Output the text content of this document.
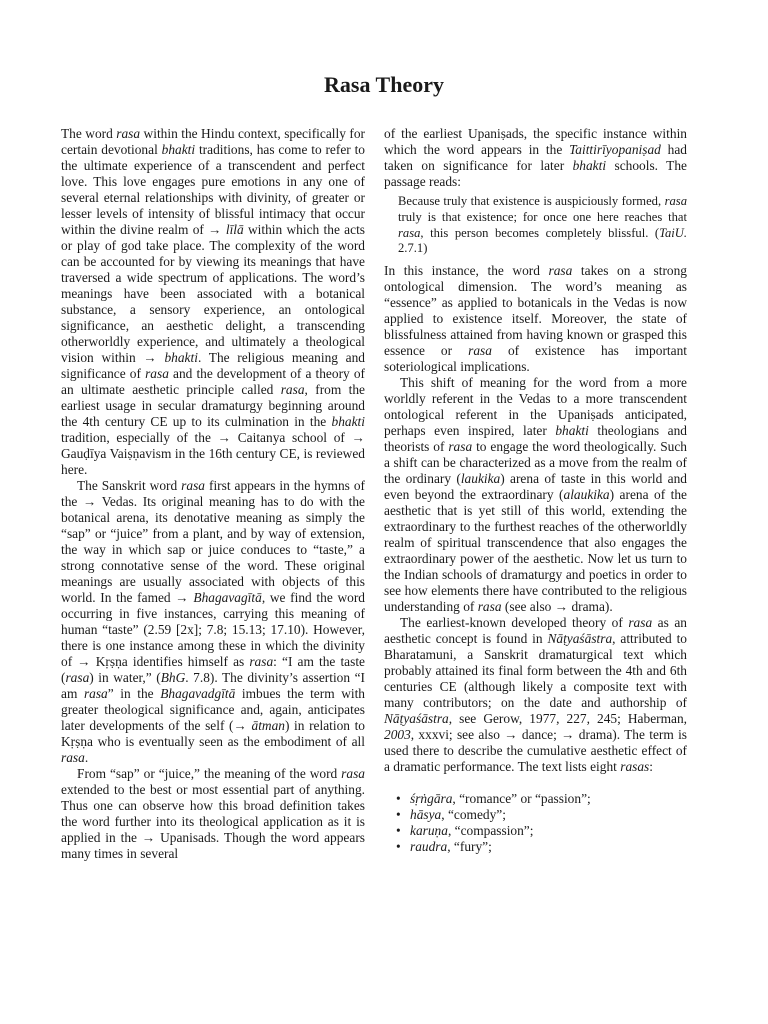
Rasa Theory

The word rasa within the Hindu context, specifically for certain devotional bhakti traditions, has come to refer to the ultimate experience of a transcendent and perfect love. This love engages pure emotions in any one of several eternal relationships with divinity, of greater or lesser levels of intensity of blissful intimacy that occur within the divine realm of → līlā within which the acts or play of god take place. The complexity of the word can be accounted for by viewing its meanings that have traversed a wide spectrum of applications. The word’s meanings have been associated with a botanical substance, a sensory experience, an ontological significance, an aesthetic delight, a transcending otherworldly experience, and ultimately a theological vision within → bhakti. The religious meaning and significance of rasa and the development of a theory of an ultimate aesthetic principle called rasa, from the earliest usage in secular dramaturgy beginning around the 4th century CE up to its culmination in the bhakti tradition, especially of the → Caitanya school of → Gauḍīya Vaiṣṇavism in the 16th century CE, is reviewed here.

The Sanskrit word rasa first appears in the hymns of the → Vedas. Its original meaning has to do with the botanical arena, its denotative meaning as simply the “sap” or “juice” from a plant, and by way of extension, the way in which sap or juice conduces to “taste,” a strong connotative sense of the word. These original meanings are usually associated with objects of this world. In the famed → Bhagavagītā, we find the word occurring in five instances, carrying this meaning of human “taste” (2.59 [2x]; 7.8; 15.13; 17.10). However, there is one instance among these in which the divinity of → Kṛṣṇa identifies himself as rasa: “I am the taste (rasa) in water,” (BhG. 7.8). The divinity’s assertion “I am rasa” in the Bhagavadgītā imbues the term with greater theological significance and, again, anticipates later developments of the self (→ ātman) in relation to Kṛṣṇa who is eventually seen as the embodiment of all rasa.

From “sap” or “juice,” the meaning of the word rasa extended to the best or most essential part of anything. Thus one can observe how this broad definition takes the word further into its theological application as it is applied in the → Upanisads. Though the word appears many times in several

of the earliest Upaniṣads, the specific instance within which the word appears in the Taittirīyopaniṣad had taken on significance for later bhakti schools. The passage reads:

Because truly that existence is auspiciously formed, rasa truly is that existence; for once one here reaches that rasa, this person becomes completely blissful. (TaiU. 2.7.1)

In this instance, the word rasa takes on a strong ontological dimension. The word’s meaning as “essence” as applied to botanicals in the Vedas is now applied to existence itself. Moreover, the state of blissfulness attained from having known or grasped this essence or rasa of existence has important soteriological implications.

This shift of meaning for the word from a more worldly referent in the Vedas to a more transcendent ontological referent in the Upaniṣads anticipated, perhaps even inspired, later bhakti theologians and theorists of rasa to engage the word theologically. Such a shift can be characterized as a move from the realm of the ordinary (laukika) arena of taste in this world and even beyond the extraordinary (alaukika) arena of the aesthetic that is yet still of this world, extending the extraordinary to the furthest reaches of the otherworldly realm of spiritual transcendence that also engages the extraordinary power of the aesthetic. Now let us turn to the Indian schools of dramaturgy and poetics in order to see how elements there have contributed to the religious understanding of rasa (see also → drama).

The earliest-known developed theory of rasa as an aesthetic concept is found in Nāṭyaśāstra, attributed to Bharatamuni, a Sanskrit dramaturgical text which probably attained its final form between the 4th and 6th centuries CE (although likely a composite text with many contributors; on the date and authorship of Nāṭyaśāstra, see Gerow, 1977, 227, 245; Haberman, 2003, xxxvi; see also → dance; → drama). The term is used there to describe the cumulative aesthetic effect of a dramatic performance. The text lists eight rasas:

• śṛṅgāra, “romance” or “passion”;
• hāsya, “comedy”;
• karuṇa, “compassion”;
• raudra, “fury”;
